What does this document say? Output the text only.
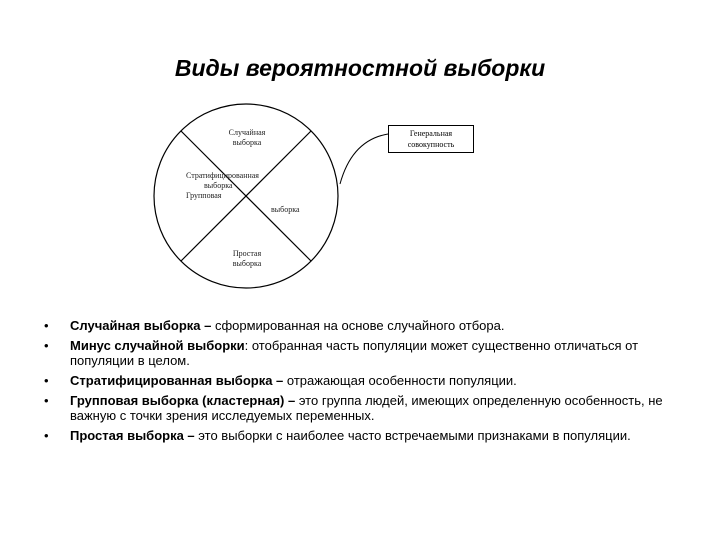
Виды вероятностной выборки
Случайная
выборка
Стратифицированная
выборка
Групповая
выборка
Простая
выборка
Генеральная
совокупность
• Случайная выборка – сформированная на основе случайного отбора.
• Минус случайной выборки: отобранная часть популяции может существенно отличаться от популяции в целом.
• Стратифицированная выборка – отражающая особенности популяции.
• Групповая выборка (кластерная) – это группа людей, имеющих определенную особенность, не важную с точки зрения исследуемых переменных.
• Простая выборка – это выборки с наиболее часто встречаемыми признаками в популяции.
